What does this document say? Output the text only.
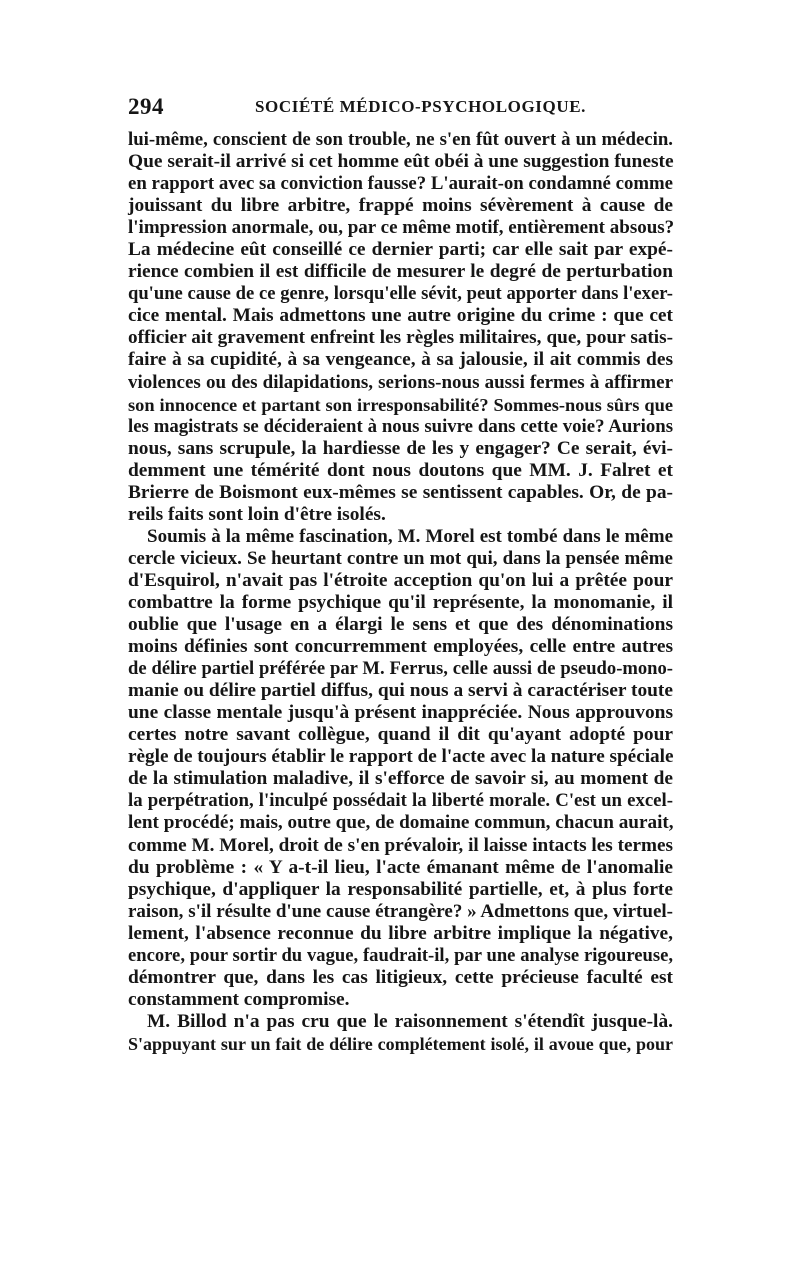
294	SOCIÉTÉ MÉDICO-PSYCHOLOGIQUE.
lui-même, conscient de son trouble, ne s'en fût ouvert à un médecin.
Que serait-il arrivé si cet homme eût obéi à une suggestion funeste
en rapport avec sa conviction fausse? L'aurait-on condamné comme
jouissant du libre arbitre, frappé moins sévèrement à cause de
l'impression anormale, ou, par ce même motif, entièrement absous?
La médecine eût conseillé ce dernier parti; car elle sait par expé-
rience combien il est difficile de mesurer le degré de perturbation
qu'une cause de ce genre, lorsqu'elle sévit, peut apporter dans l'exer-
cice mental. Mais admettons une autre origine du crime : que cet
officier ait gravement enfreint les règles militaires, que, pour satis-
faire à sa cupidité, à sa vengeance, à sa jalousie, il ait commis des
violences ou des dilapidations, serions-nous aussi fermes à affirmer
son innocence et partant son irresponsabilité? Sommes-nous sûrs que
les magistrats se décideraient à nous suivre dans cette voie? Aurions
nous, sans scrupule, la hardiesse de les y engager? Ce serait, évi-
demment une témérité dont nous doutons que MM. J. Falret et
Brierre de Boismont eux-mêmes se sentissent capables. Or, de pa-
reils faits sont loin d'être isolés.
Soumis à la même fascination, M. Morel est tombé dans le même
cercle vicieux. Se heurtant contre un mot qui, dans la pensée même
d'Esquirol, n'avait pas l'étroite acception qu'on lui a prêtée pour
combattre la forme psychique qu'il représente, la monomanie, il
oublie que l'usage en a élargi le sens et que des dénominations
moins définies sont concurremment employées, celle entre autres
de délire partiel préférée par M. Ferrus, celle aussi de pseudo-mono-
manie ou délire partiel diffus, qui nous a servi à caractériser toute
une classe mentale jusqu'à présent inappréciée. Nous approuvons
certes notre savant collègue, quand il dit qu'ayant adopté pour
règle de toujours établir le rapport de l'acte avec la nature spéciale
de la stimulation maladive, il s'efforce de savoir si, au moment de
la perpétration, l'inculpé possédait la liberté morale. C'est un excel-
lent procédé; mais, outre que, de domaine commun, chacun aurait,
comme M. Morel, droit de s'en prévaloir, il laisse intacts les termes
du problème : « Y a-t-il lieu, l'acte émanant même de l'anomalie
psychique, d'appliquer la responsabilité partielle, et, à plus forte
raison, s'il résulte d'une cause étrangère? » Admettons que, virtuel-
lement, l'absence reconnue du libre arbitre implique la négative,
encore, pour sortir du vague, faudrait-il, par une analyse rigoureuse,
démontrer que, dans les cas litigieux, cette précieuse faculté est
constamment compromise.
M. Billod n'a pas cru que le raisonnement s'étendît jusque-là.
S'appuyant sur un fait de délire complétement isolé, il avoue que, pour
